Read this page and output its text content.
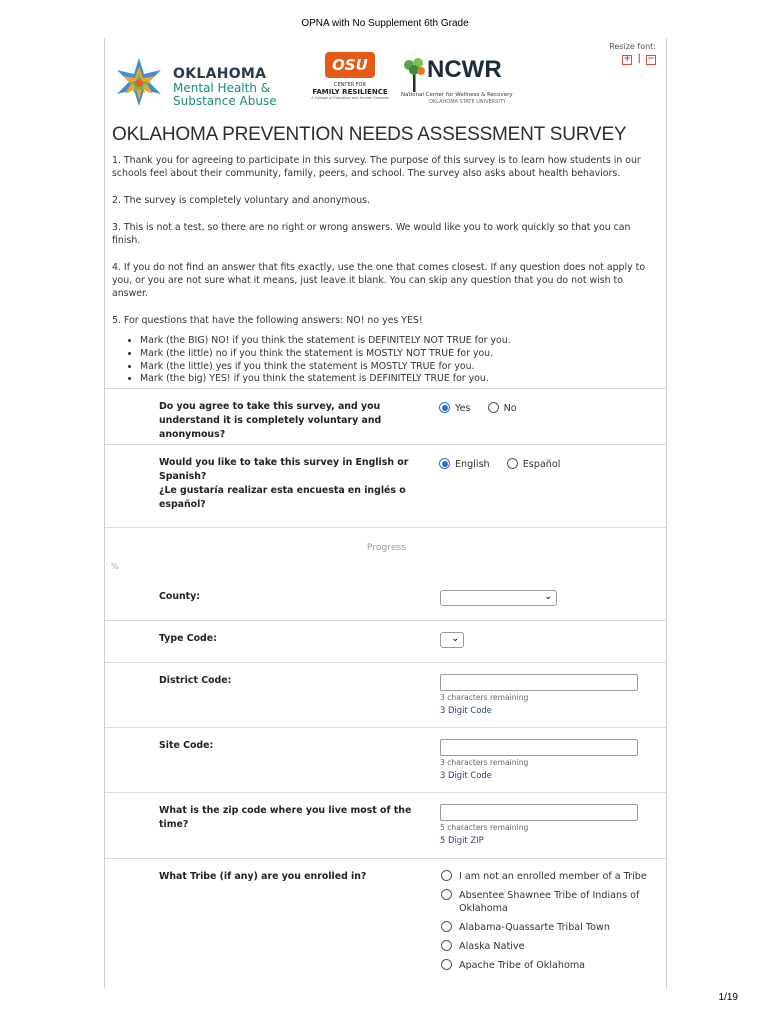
OPNA with No Supplement 6th Grade
Resize font:
+ | −
OKLAHOMA
Mental Health &
Substance Abuse
OSU
CENTER FOR
FAMILY RESILIENCE
A College of Education and Human Sciences
NCWR
National Center for Wellness & Recovery
OKLAHOMA STATE UNIVERSITY
OKLAHOMA PREVENTION NEEDS ASSESSMENT SURVEY

1. Thank you for agreeing to participate in this survey. The purpose of this survey is to learn how students in our schools feel about their community, family, peers, and school. The survey also asks about health behaviors.

2. The survey is completely voluntary and anonymous.

3. This is not a test, so there are no right or wrong answers. We would like you to work quickly so that you can finish.

4. If you do not find an answer that fits exactly, use the one that comes closest. If any question does not apply to you, or you are not sure what it means, just leave it blank. You can skip any question that you do not wish to answer.

5. For questions that have the following answers: NO! no yes YES!

• Mark (the BIG) NO! if you think the statement is DEFINITELY NOT TRUE for you.
• Mark (the little) no if you think the statement is MOSTLY NOT TRUE for you.
• Mark (the little) yes if you think the statement is MOSTLY TRUE for you.
• Mark (the big) YES! if you think the statement is DEFINITELY TRUE for you.
Do you agree to take this survey, and you understand it is completely voluntary and anonymous?
Yes	No
Would you like to take this survey in English or Spanish?
¿Le gustaría realizar esta encuesta en inglés o español?
English	Español
Progress
%
County:	⌄
Type Code:	⌄
District Code:
3 characters remaining
3 Digit Code
Site Code:
3 characters remaining
3 Digit Code
What is the zip code where you live most of the time?	5 characters remaining
5 Digit ZIP
What Tribe (if any) are you enrolled in?	I am not an enrolled member of a Tribe
Absentee Shawnee Tribe of Indians of Oklahoma
Alabama-Quassarte Tribal Town
Alaska Native
Apache Tribe of Oklahoma
1/19
